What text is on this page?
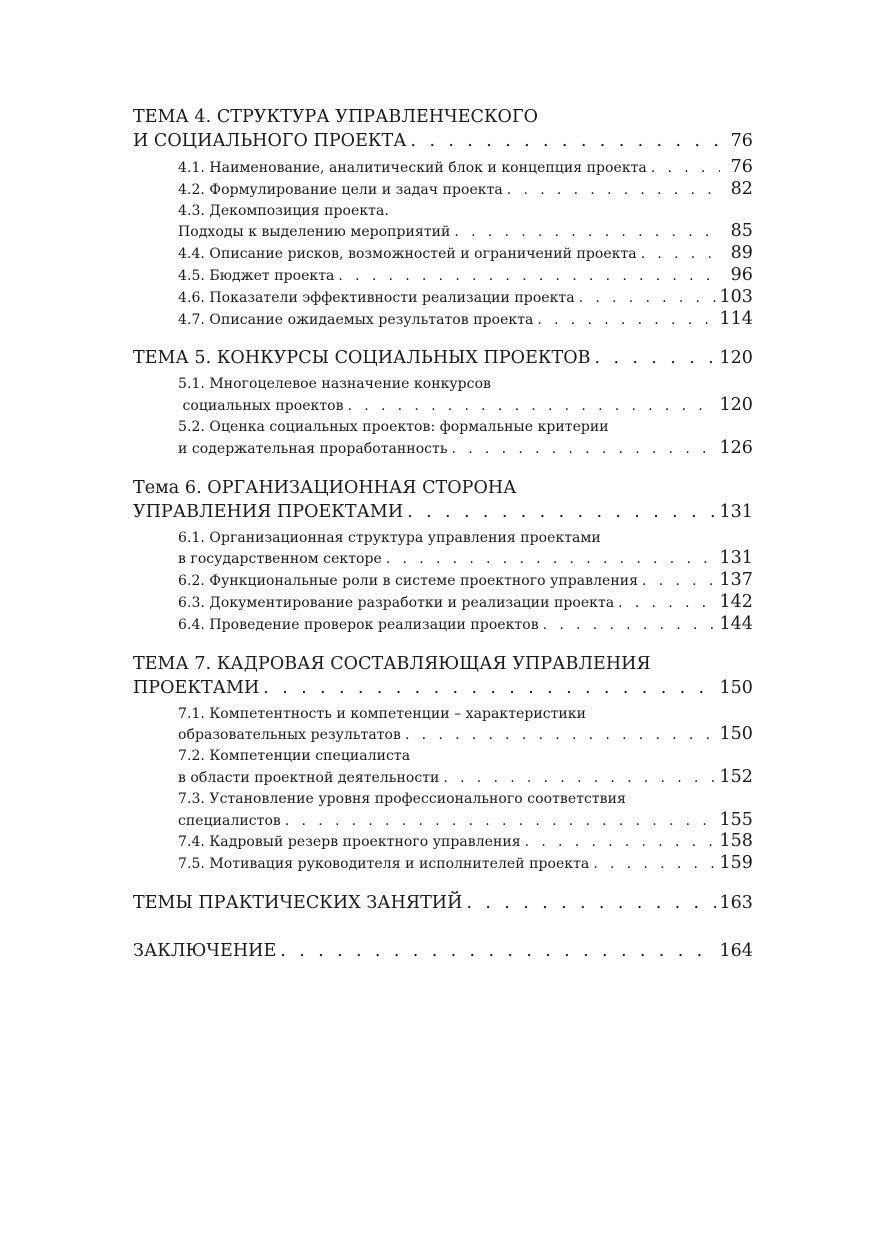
ТЕМА 4. СТРУКТУРА УПРАВЛЕНЧЕСКОГО
И СОЦИАЛЬНОГО ПРОЕКТА . . .	76
4.1. Наименование, аналитический блок и концепция проекта . . .	76
4.2. Формулирование цели и задач проекта . . .	82
4.3. Декомпозиция проекта.
Подходы к выделению мероприятий . . .	85
4.4. Описание рисков, возможностей и ограничений проекта . . .	89
4.5. Бюджет проекта . . .	96
4.6. Показатели эффективности реализации проекта . . .	103
4.7. Описание ожидаемых результатов проекта . . .	114
ТЕМА 5. КОНКУРСЫ СОЦИАЛЬНЫХ ПРОЕКТОВ . . .	120
5.1. Многоцелевое назначение конкурсов
социальных проектов . . .	120
5.2. Оценка социальных проектов: формальные критерии
и содержательная проработанность . . .	126
Тема 6. ОРГАНИЗАЦИОННАЯ СТОРОНА
УПРАВЛЕНИЯ ПРОЕКТАМИ . . .	131
6.1. Организационная структура управления проектами
в государственном секторе . . .	131
6.2. Функциональные роли в системе проектного управления . . .	137
6.3. Документирование разработки и реализации проекта . . .	142
6.4. Проведение проверок реализации проектов . . .	144
ТЕМА 7. КАДРОВАЯ СОСТАВЛЯЮЩАЯ УПРАВЛЕНИЯ
ПРОЕКТАМИ . . .	150
7.1. Компетентность и компетенции – характеристики
образовательных результатов . . .	150
7.2. Компетенции специалиста
в области проектной деятельности . . .	152
7.3. Установление уровня профессионального соответствия
специалистов . . .	155
7.4. Кадровый резерв проектного управления . . .	158
7.5. Мотивация руководителя и исполнителей проекта . . .	159
ТЕМЫ ПРАКТИЧЕСКИХ ЗАНЯТИЙ . . .	163
ЗАКЛЮЧЕНИЕ . . .	164
